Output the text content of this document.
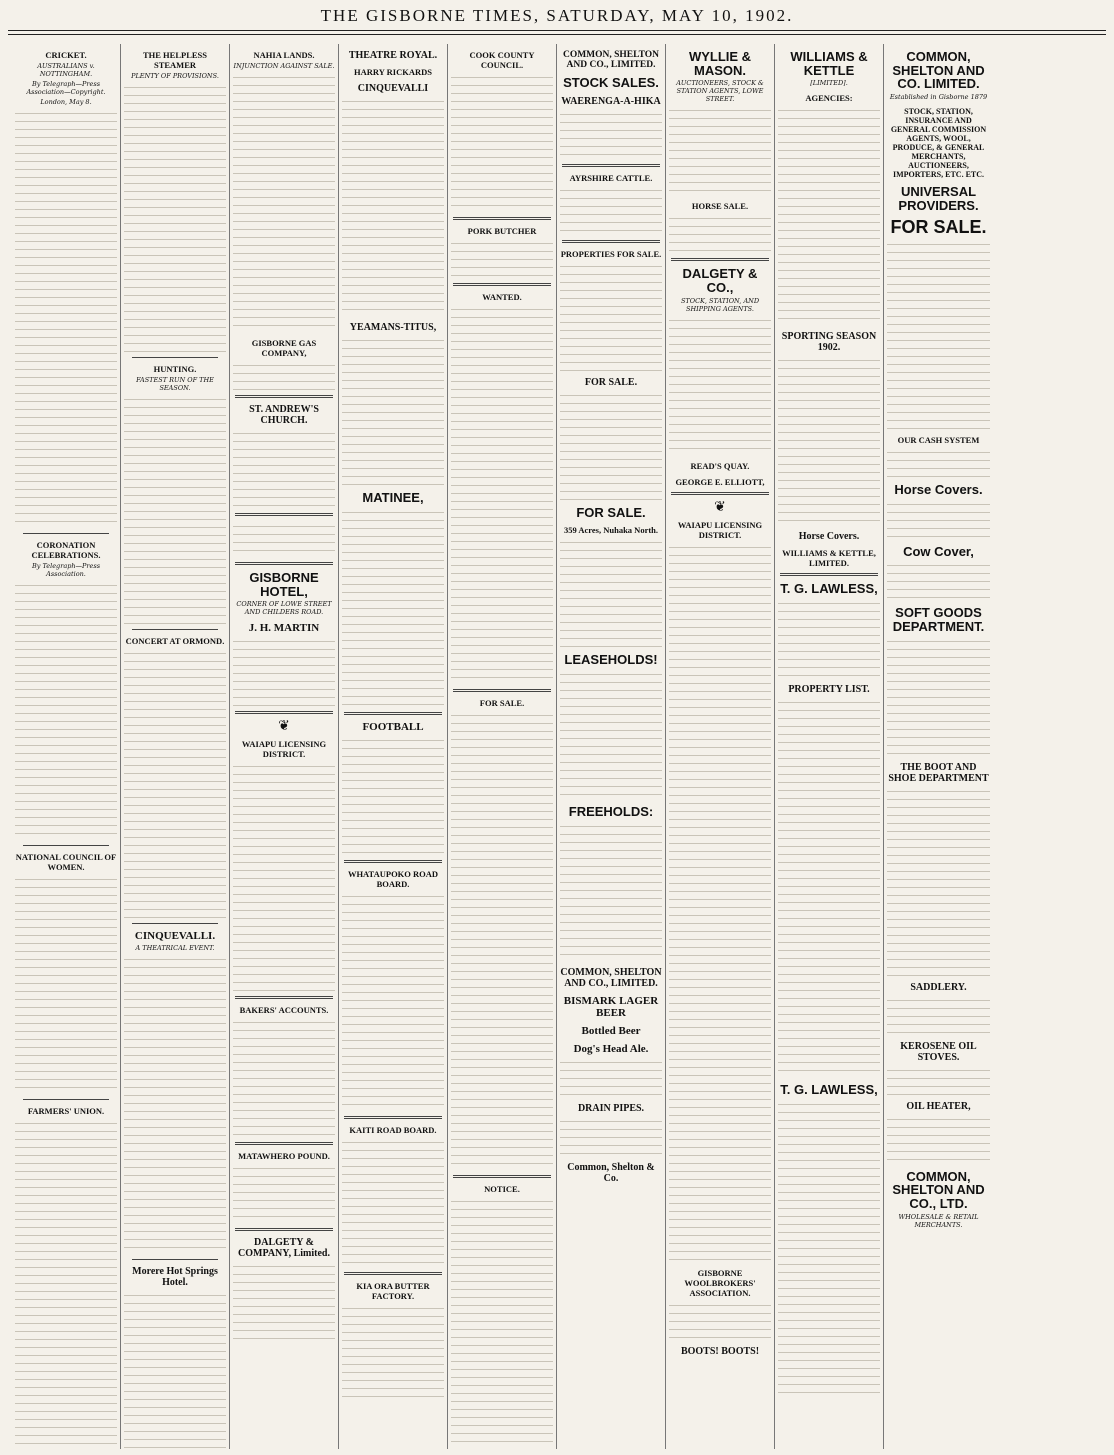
THE GISBORNE TIMES, SATURDAY, MAY 10, 1902.
CRICKET.
AUSTRALIANS v. NOTTINGHAM.
By Telegraph—Press Association—Copyright.
London, May 8.
CORONATION CELEBRATIONS.
By Telegraph—Press Association.
NATIONAL COUNCIL OF WOMEN.
FARMERS' UNION.
THE HELPLESS STEAMER
PLENTY OF PROVISIONS.
HUNTING.
FASTEST RUN OF THE SEASON.
CONCERT AT ORMOND.
CINQUEVALLI.
A THEATRICAL EVENT.
Morere Hot Springs Hotel.
NAHIA LANDS.
INJUNCTION AGAINST SALE.
GISBORNE GAS COMPANY,
ST. ANDREW'S CHURCH.
GISBORNE HOTEL,
CORNER OF LOWE STREET AND CHILDERS ROAD.
J. H. MARTIN
❦
WAIAPU LICENSING DISTRICT.
BAKERS' ACCOUNTS.
MATAWHERO POUND.
DALGETY & COMPANY, Limited.
THEATRE ROYAL.
HARRY RICKARDS
CINQUEVALLI
YEAMANS-TITUS,
MATINEE,
FOOTBALL
WHATAUPOKO ROAD BOARD.
KAITI ROAD BOARD.
KIA ORA BUTTER FACTORY.
COOK COUNTY COUNCIL.
PORK BUTCHER
WANTED.
FOR SALE.
NOTICE.
COMMON, SHELTON AND CO., LIMITED.
STOCK SALES.
WAERENGA-A-HIKA
AYRSHIRE CATTLE.
PROPERTIES FOR SALE.
FOR SALE.
FOR SALE.
359 Acres, Nuhaka North.
LEASEHOLDS!
FREEHOLDS:
COMMON, SHELTON AND CO., LIMITED.
BISMARK LAGER BEER
Bottled Beer
Dog's Head Ale.
DRAIN PIPES.
Common, Shelton & Co.
WYLLIE & MASON.
AUCTIONEERS, STOCK & STATION AGENTS, LOWE STREET.
HORSE SALE.
DALGETY & CO.,
STOCK, STATION, AND SHIPPING AGENTS.
READ'S QUAY.
GEORGE E. ELLIOTT,
❦
WAIAPU LICENSING DISTRICT.
GISBORNE WOOLBROKERS' ASSOCIATION.
BOOTS! BOOTS!
WILLIAMS & KETTLE
[LIMITED].
AGENCIES:
SPORTING SEASON 1902.
Horse Covers.
WILLIAMS & KETTLE, LIMITED.
T. G. LAWLESS,
PROPERTY LIST.
T. G. LAWLESS,
COMMON, SHELTON AND CO. LIMITED.
Established in Gisborne 1879
STOCK, STATION, INSURANCE AND GENERAL COMMISSION AGENTS, WOOL, PRODUCE, & GENERAL MERCHANTS, AUCTIONEERS, IMPORTERS, ETC. ETC.
UNIVERSAL PROVIDERS.
FOR SALE.
OUR CASH SYSTEM
Horse Covers.
Cow Cover,
SOFT GOODS DEPARTMENT.
THE BOOT AND SHOE DEPARTMENT
SADDLERY.
KEROSENE OIL STOVES.
OIL HEATER,
COMMON, SHELTON AND CO., LTD.
WHOLESALE & RETAIL MERCHANTS.
